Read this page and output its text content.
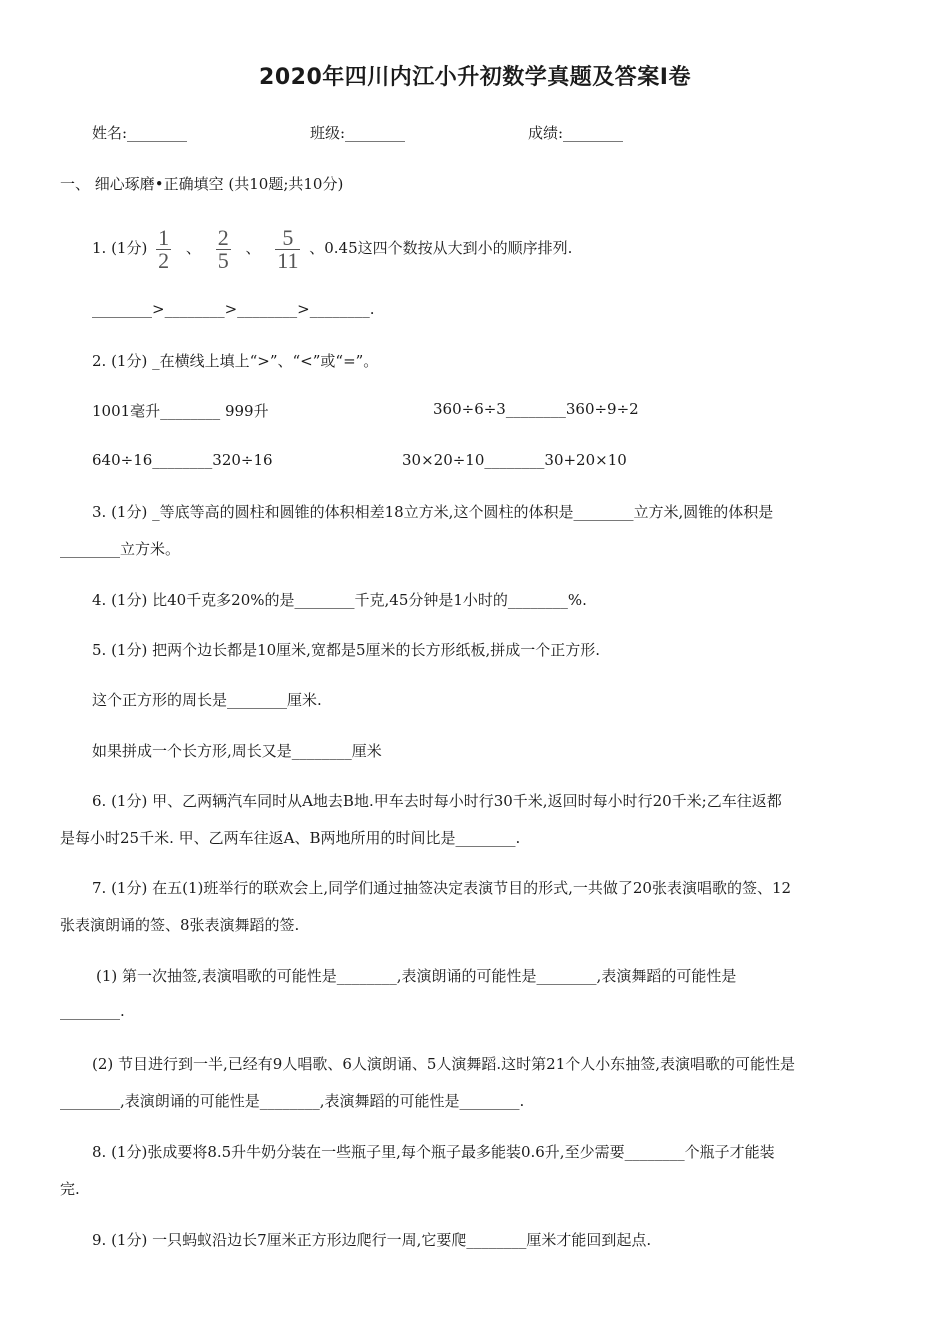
2020年四川内江小升初数学真题及答案I卷
姓名:________	班级:________	成绩:________
一、 细心琢磨•正确填空 (共10题;共10分)
1. (1分) $\frac{1}{2}$ 、 $\frac{2}{5}$ 、 $\frac{5}{11}$ 、0.45这四个数按从大到小的顺序排列.
________>________>________>________.
2. (1分) _在横线上填上“>”、“<”或“=”。
1001毫升________ 999升	360÷6÷3________360÷9÷2
640÷16________320÷16	30×20÷10________30+20×10
3. (1分) _等底等高的圆柱和圆锥的体积相差18立方米,这个圆柱的体积是________立方米,圆锥的体积是
________立方米。
4. (1分) 比40千克多20%的是________千克,45分钟是1小时的________%.
5. (1分) 把两个边长都是10厘米,宽都是5厘米的长方形纸板,拼成一个正方形.
这个正方形的周长是________厘米.
如果拼成一个长方形,周长又是________厘米
6. (1分) 甲、乙两辆汽车同时从A地去B地.甲车去时每小时行30千米,返回时每小时行20千米;乙车往返都
是每小时25千米. 甲、乙两车往返A、B两地所用的时间比是________.
7. (1分) 在五(1)班举行的联欢会上,同学们通过抽签决定表演节目的形式,一共做了20张表演唱歌的签、12
张表演朗诵的签、8张表演舞蹈的签.
(1) 第一次抽签,表演唱歌的可能性是________,表演朗诵的可能性是________,表演舞蹈的可能性是
________.
(2) 节目进行到一半,已经有9人唱歌、6人演朗诵、5人演舞蹈.这时第21个人小东抽签,表演唱歌的可能性是
________,表演朗诵的可能性是________,表演舞蹈的可能性是________.
8. (1分)张成要将8.5升牛奶分装在一些瓶子里,每个瓶子最多能装0.6升,至少需要________个瓶子才能装
完.
9. (1分) 一只蚂蚁沿边长7厘米正方形边爬行一周,它要爬________厘米才能回到起点.
